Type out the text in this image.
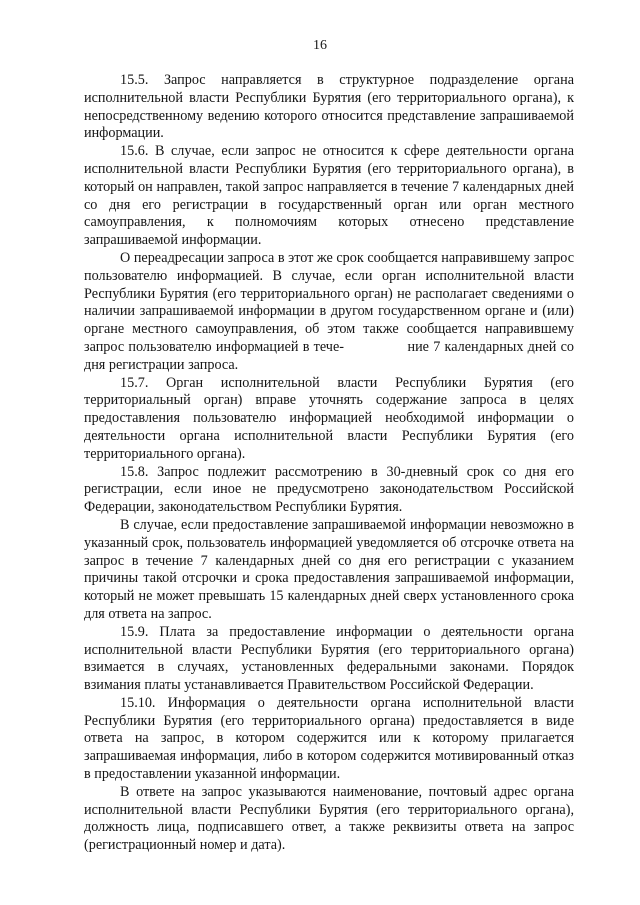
16

15.5. Запрос направляется в структурное подразделение органа исполнительной власти Республики Бурятия (его территориального органа), к непосредственному ведению которого относится представление запрашиваемой информации.

15.6. В случае, если запрос не относится к сфере деятельности органа исполнительной власти Республики Бурятия (его территориального органа), в который он направлен, такой запрос направляется в течение 7 календарных дней со дня его регистрации в государственный орган или орган местного самоуправления, к полномочиям которых отнесено представление запрашиваемой информации.

О переадресации запроса в этот же срок сообщается направившему запрос пользователю информацией. В случае, если орган исполнительной власти Республики Бурятия (его территориального орган) не располагает сведениями о наличии запрашиваемой информации в другом государственном органе и (или) органе местного самоуправления, об этом также сообщается направившему запрос пользователю информацией в тече-               ние 7 календарных дней со дня регистрации запроса.

15.7. Орган исполнительной власти Республики Бурятия (его территориальный орган) вправе уточнять содержание запроса в целях предоставления пользователю информацией необходимой информации о деятельности органа исполнительной власти Республики Бурятия (его территориального органа).

15.8. Запрос подлежит рассмотрению в 30-дневный срок со дня его регистрации, если иное не предусмотрено законодательством Российской Федерации, законодательством Республики Бурятия.

В случае, если предоставление запрашиваемой информации невозможно в указанный срок, пользователь информацией уведомляется об отсрочке ответа на запрос в течение 7 календарных дней со дня его регистрации с указанием причины такой отсрочки и срока предоставления запрашиваемой информации, который не может превышать 15 календарных дней сверх установленного срока для ответа на запрос.

15.9. Плата за предоставление информации о деятельности органа исполнительной власти Республики Бурятия (его территориального органа) взимается в случаях, установленных федеральными законами. Порядок взимания платы устанавливается Правительством Российской Федерации.

15.10. Информация о деятельности органа исполнительной власти Республики Бурятия (его территориального органа) предоставляется в виде ответа на запрос, в котором содержится или к которому прилагается запрашиваемая информация, либо в котором содержится мотивированный отказ в предоставлении указанной информации.

В ответе на запрос указываются наименование, почтовый адрес органа исполнительной власти Республики Бурятия (его территориального органа), должность лица, подписавшего ответ, а также реквизиты ответа на запрос (регистрационный номер и дата).
